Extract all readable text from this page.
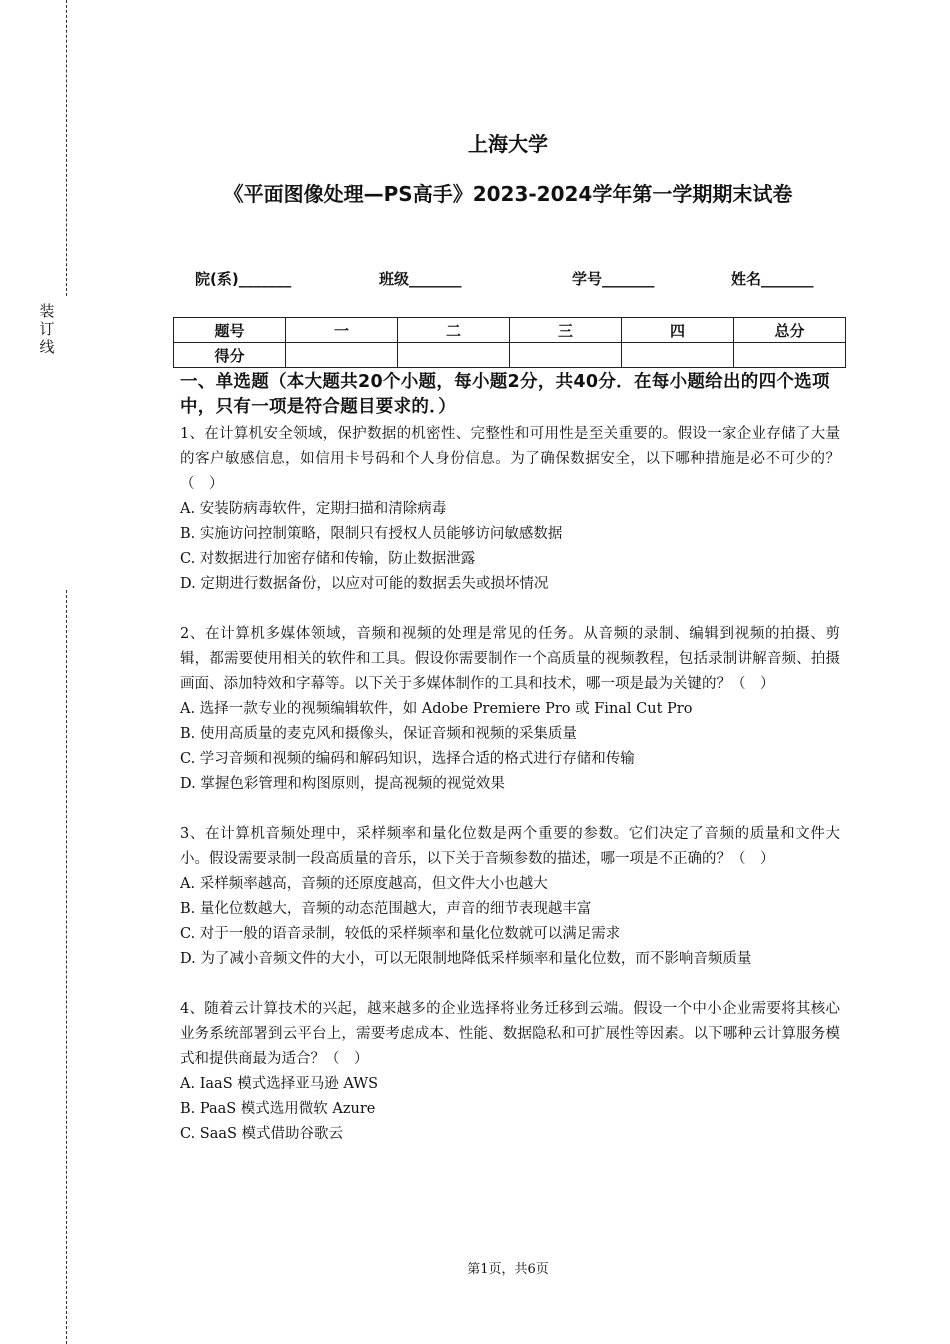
装
订
线
上海大学
《平面图像处理—PS高手》2023-2024学年第一学期期末试卷
院(系)_______	班级_______	学号_______	姓名_______
题号	一	二	三	四	总分
得分					

一、单选题（本大题共20个小题，每小题2分，共40分．在每小题给出的四个选项中，只有一项是符合题目要求的．）

1、在计算机安全领域，保护数据的机密性、完整性和可用性是至关重要的。假设一家企业存储了大量的客户敏感信息，如信用卡号码和个人身份信息。为了确保数据安全，以下哪种措施是必不可少的？（　）

A. 安装防病毒软件，定期扫描和清除病毒

B. 实施访问控制策略，限制只有授权人员能够访问敏感数据

C. 对数据进行加密存储和传输，防止数据泄露

D. 定期进行数据备份，以应对可能的数据丢失或损坏情况

2、在计算机多媒体领域，音频和视频的处理是常见的任务。从音频的录制、编辑到视频的拍摄、剪辑，都需要使用相关的软件和工具。假设你需要制作一个高质量的视频教程，包括录制讲解音频、拍摄画面、添加特效和字幕等。以下关于多媒体制作的工具和技术，哪一项是最为关键的？（　）

A. 选择一款专业的视频编辑软件，如 Adobe Premiere Pro 或 Final Cut Pro

B. 使用高质量的麦克风和摄像头，保证音频和视频的采集质量

C. 学习音频和视频的编码和解码知识，选择合适的格式进行存储和传输

D. 掌握色彩管理和构图原则，提高视频的视觉效果

3、在计算机音频处理中，采样频率和量化位数是两个重要的参数。它们决定了音频的质量和文件大小。假设需要录制一段高质量的音乐，以下关于音频参数的描述，哪一项是不正确的？（　）

A. 采样频率越高，音频的还原度越高，但文件大小也越大

B. 量化位数越大，音频的动态范围越大，声音的细节表现越丰富

C. 对于一般的语音录制，较低的采样频率和量化位数就可以满足需求

D. 为了减小音频文件的大小，可以无限制地降低采样频率和量化位数，而不影响音频质量

4、随着云计算技术的兴起，越来越多的企业选择将业务迁移到云端。假设一个中小企业需要将其核心业务系统部署到云平台上，需要考虑成本、性能、数据隐私和可扩展性等因素。以下哪种云计算服务模式和提供商最为适合？（　）

A. IaaS 模式选择亚马逊 AWS

B. PaaS 模式选用微软 Azure

C. SaaS 模式借助谷歌云

第1页，共6页
